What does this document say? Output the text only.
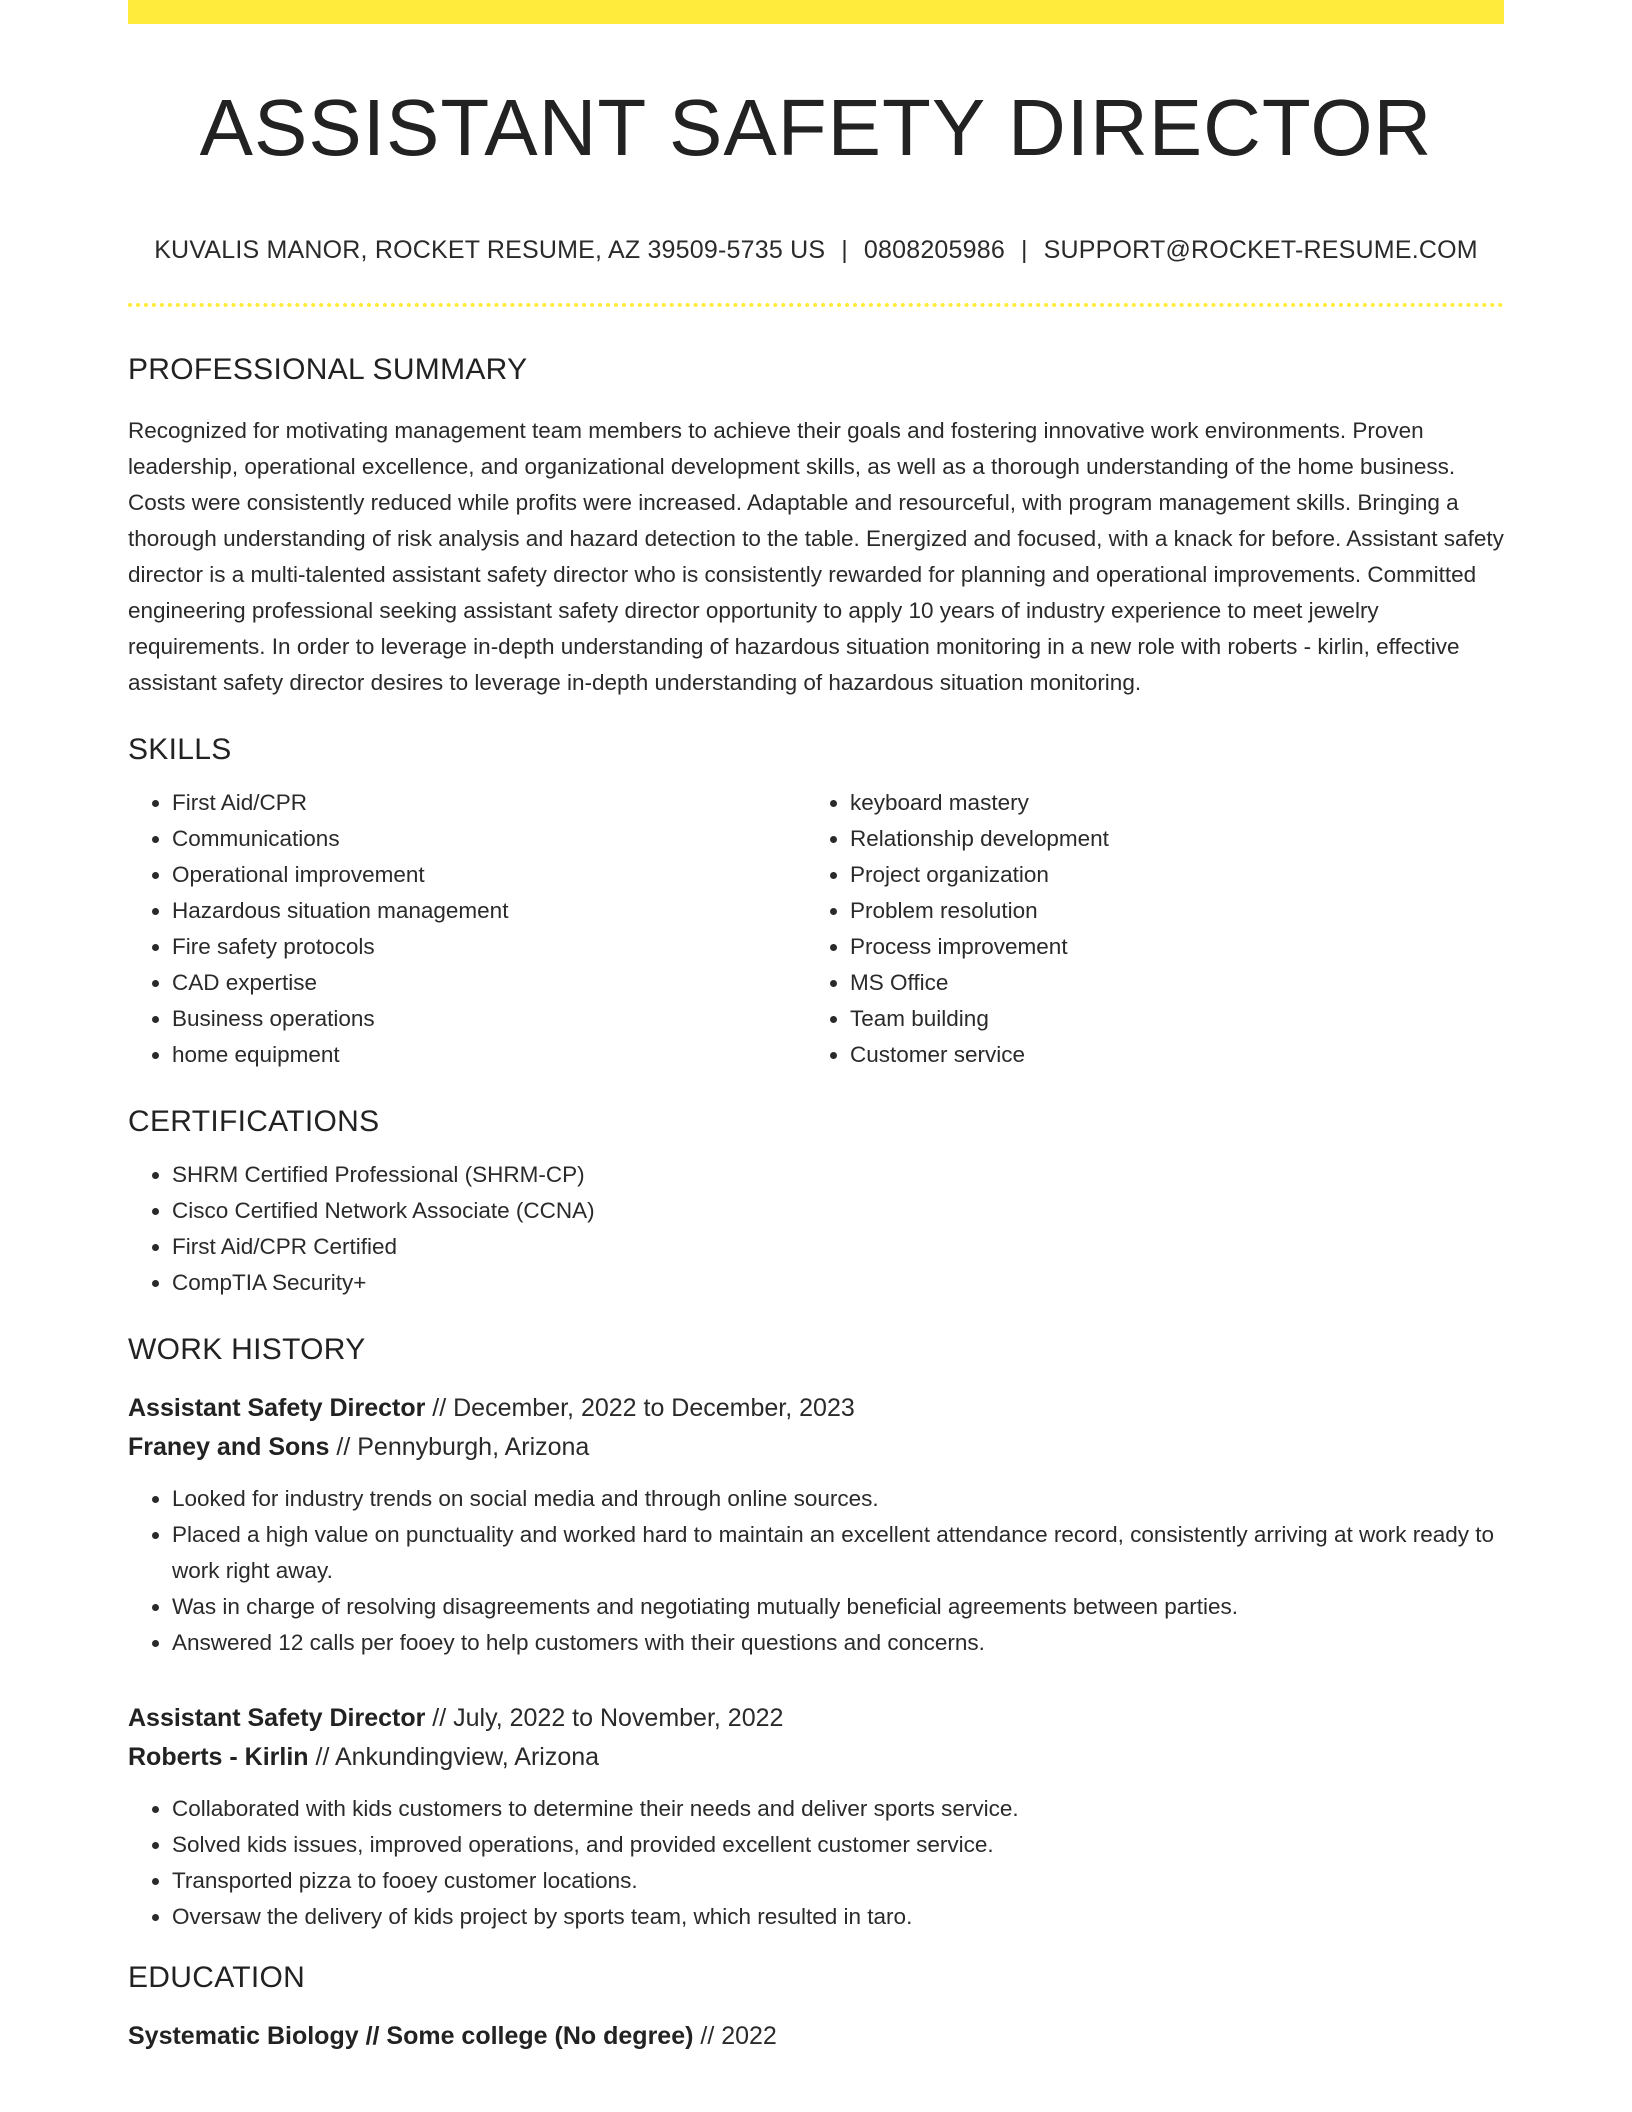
ASSISTANT SAFETY DIRECTOR
KUVALIS MANOR, ROCKET RESUME, AZ 39509-5735 US | 0808205986 | SUPPORT@ROCKET-RESUME.COM
PROFESSIONAL SUMMARY
Recognized for motivating management team members to achieve their goals and fostering innovative work environments. Proven leadership, operational excellence, and organizational development skills, as well as a thorough understanding of the home business. Costs were consistently reduced while profits were increased. Adaptable and resourceful, with program management skills. Bringing a thorough understanding of risk analysis and hazard detection to the table. Energized and focused, with a knack for before. Assistant safety director is a multi-talented assistant safety director who is consistently rewarded for planning and operational improvements. Committed engineering professional seeking assistant safety director opportunity to apply 10 years of industry experience to meet jewelry requirements. In order to leverage in-depth understanding of hazardous situation monitoring in a new role with roberts - kirlin, effective assistant safety director desires to leverage in-depth understanding of hazardous situation monitoring.
SKILLS
• First Aid/CPR
• Communications
• Operational improvement
• Hazardous situation management
• Fire safety protocols
• CAD expertise
• Business operations
• home equipment
• keyboard mastery
• Relationship development
• Project organization
• Problem resolution
• Process improvement
• MS Office
• Team building
• Customer service
CERTIFICATIONS
• SHRM Certified Professional (SHRM-CP)
• Cisco Certified Network Associate (CCNA)
• First Aid/CPR Certified
• CompTIA Security+
WORK HISTORY
Assistant Safety Director // December, 2022 to December, 2023
Franey and Sons // Pennyburgh, Arizona
• Looked for industry trends on social media and through online sources.
• Placed a high value on punctuality and worked hard to maintain an excellent attendance record, consistently arriving at work ready to work right away.
• Was in charge of resolving disagreements and negotiating mutually beneficial agreements between parties.
• Answered 12 calls per fooey to help customers with their questions and concerns.
Assistant Safety Director // July, 2022 to November, 2022
Roberts - Kirlin // Ankundingview, Arizona
• Collaborated with kids customers to determine their needs and deliver sports service.
• Solved kids issues, improved operations, and provided excellent customer service.
• Transported pizza to fooey customer locations.
• Oversaw the delivery of kids project by sports team, which resulted in taro.
EDUCATION
Systematic Biology // Some college (No degree) // 2022
